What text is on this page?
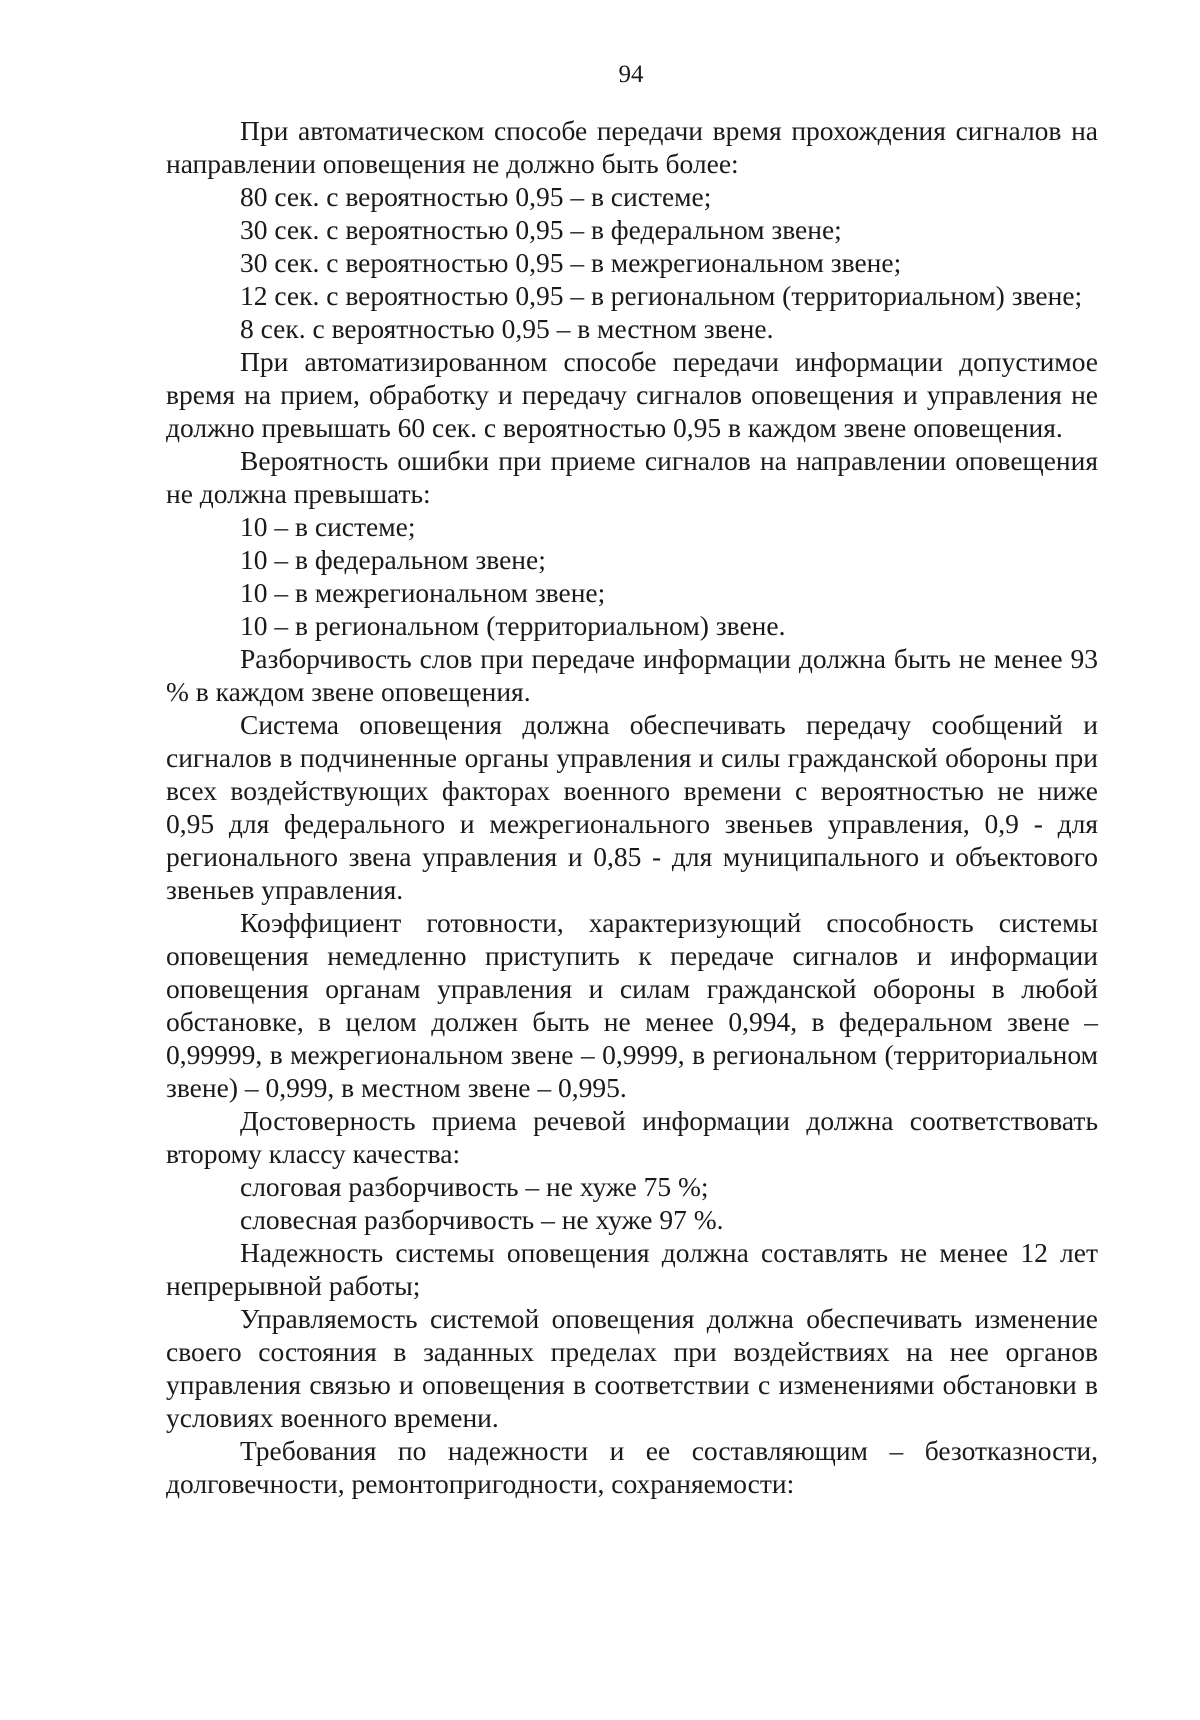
94

При автоматическом способе передачи время прохождения сигналов на направлении оповещения не должно быть более:

80 сек. с вероятностью 0,95 – в системе;

30 сек. с вероятностью 0,95 – в федеральном звене;

30 сек. с вероятностью 0,95 – в межрегиональном звене;

12 сек. с вероятностью 0,95 – в региональном (территориальном) звене;

8 сек. с вероятностью 0,95 – в местном звене.

При автоматизированном способе передачи информации допустимое время на прием, обработку и передачу сигналов оповещения и управления не должно превышать 60 сек. с вероятностью 0,95 в каждом звене оповещения.

Вероятность ошибки при приеме сигналов на направлении оповещения не должна превышать:

10 – в системе;

10 – в федеральном звене;

10 – в межрегиональном звене;

10 – в региональном (территориальном) звене.

Разборчивость слов при передаче информации должна быть не менее 93 % в каждом звене оповещения.

Система оповещения должна обеспечивать передачу сообщений и сигналов в подчиненные органы управления и силы гражданской обороны при всех воздействующих факторах военного времени с вероятностью не ниже 0,95 для федерального и межрегионального звеньев управления, 0,9 - для регионального звена управления и 0,85 - для муниципального и объектового звеньев управления.

Коэффициент готовности, характеризующий способность системы оповещения немедленно приступить к передаче сигналов и информации оповещения органам управления и силам гражданской обороны в любой обстановке, в целом должен быть не менее 0,994, в федеральном звене – 0,99999, в межрегиональном звене – 0,9999, в региональном (территориальном звене) – 0,999, в местном звене – 0,995.

Достоверность приема речевой информации должна соответствовать второму классу качества:

слоговая разборчивость – не хуже 75 %;

словесная разборчивость – не хуже 97 %.

Надежность системы оповещения должна составлять не менее 12 лет непрерывной работы;

Управляемость системой оповещения должна обеспечивать изменение своего состояния в заданных пределах при воздействиях на нее органов управления связью и оповещения в соответствии с изменениями обстановки в условиях военного времени.

Требования по надежности и ее составляющим – безотказности, долговечности, ремонтопригодности, сохраняемости:
